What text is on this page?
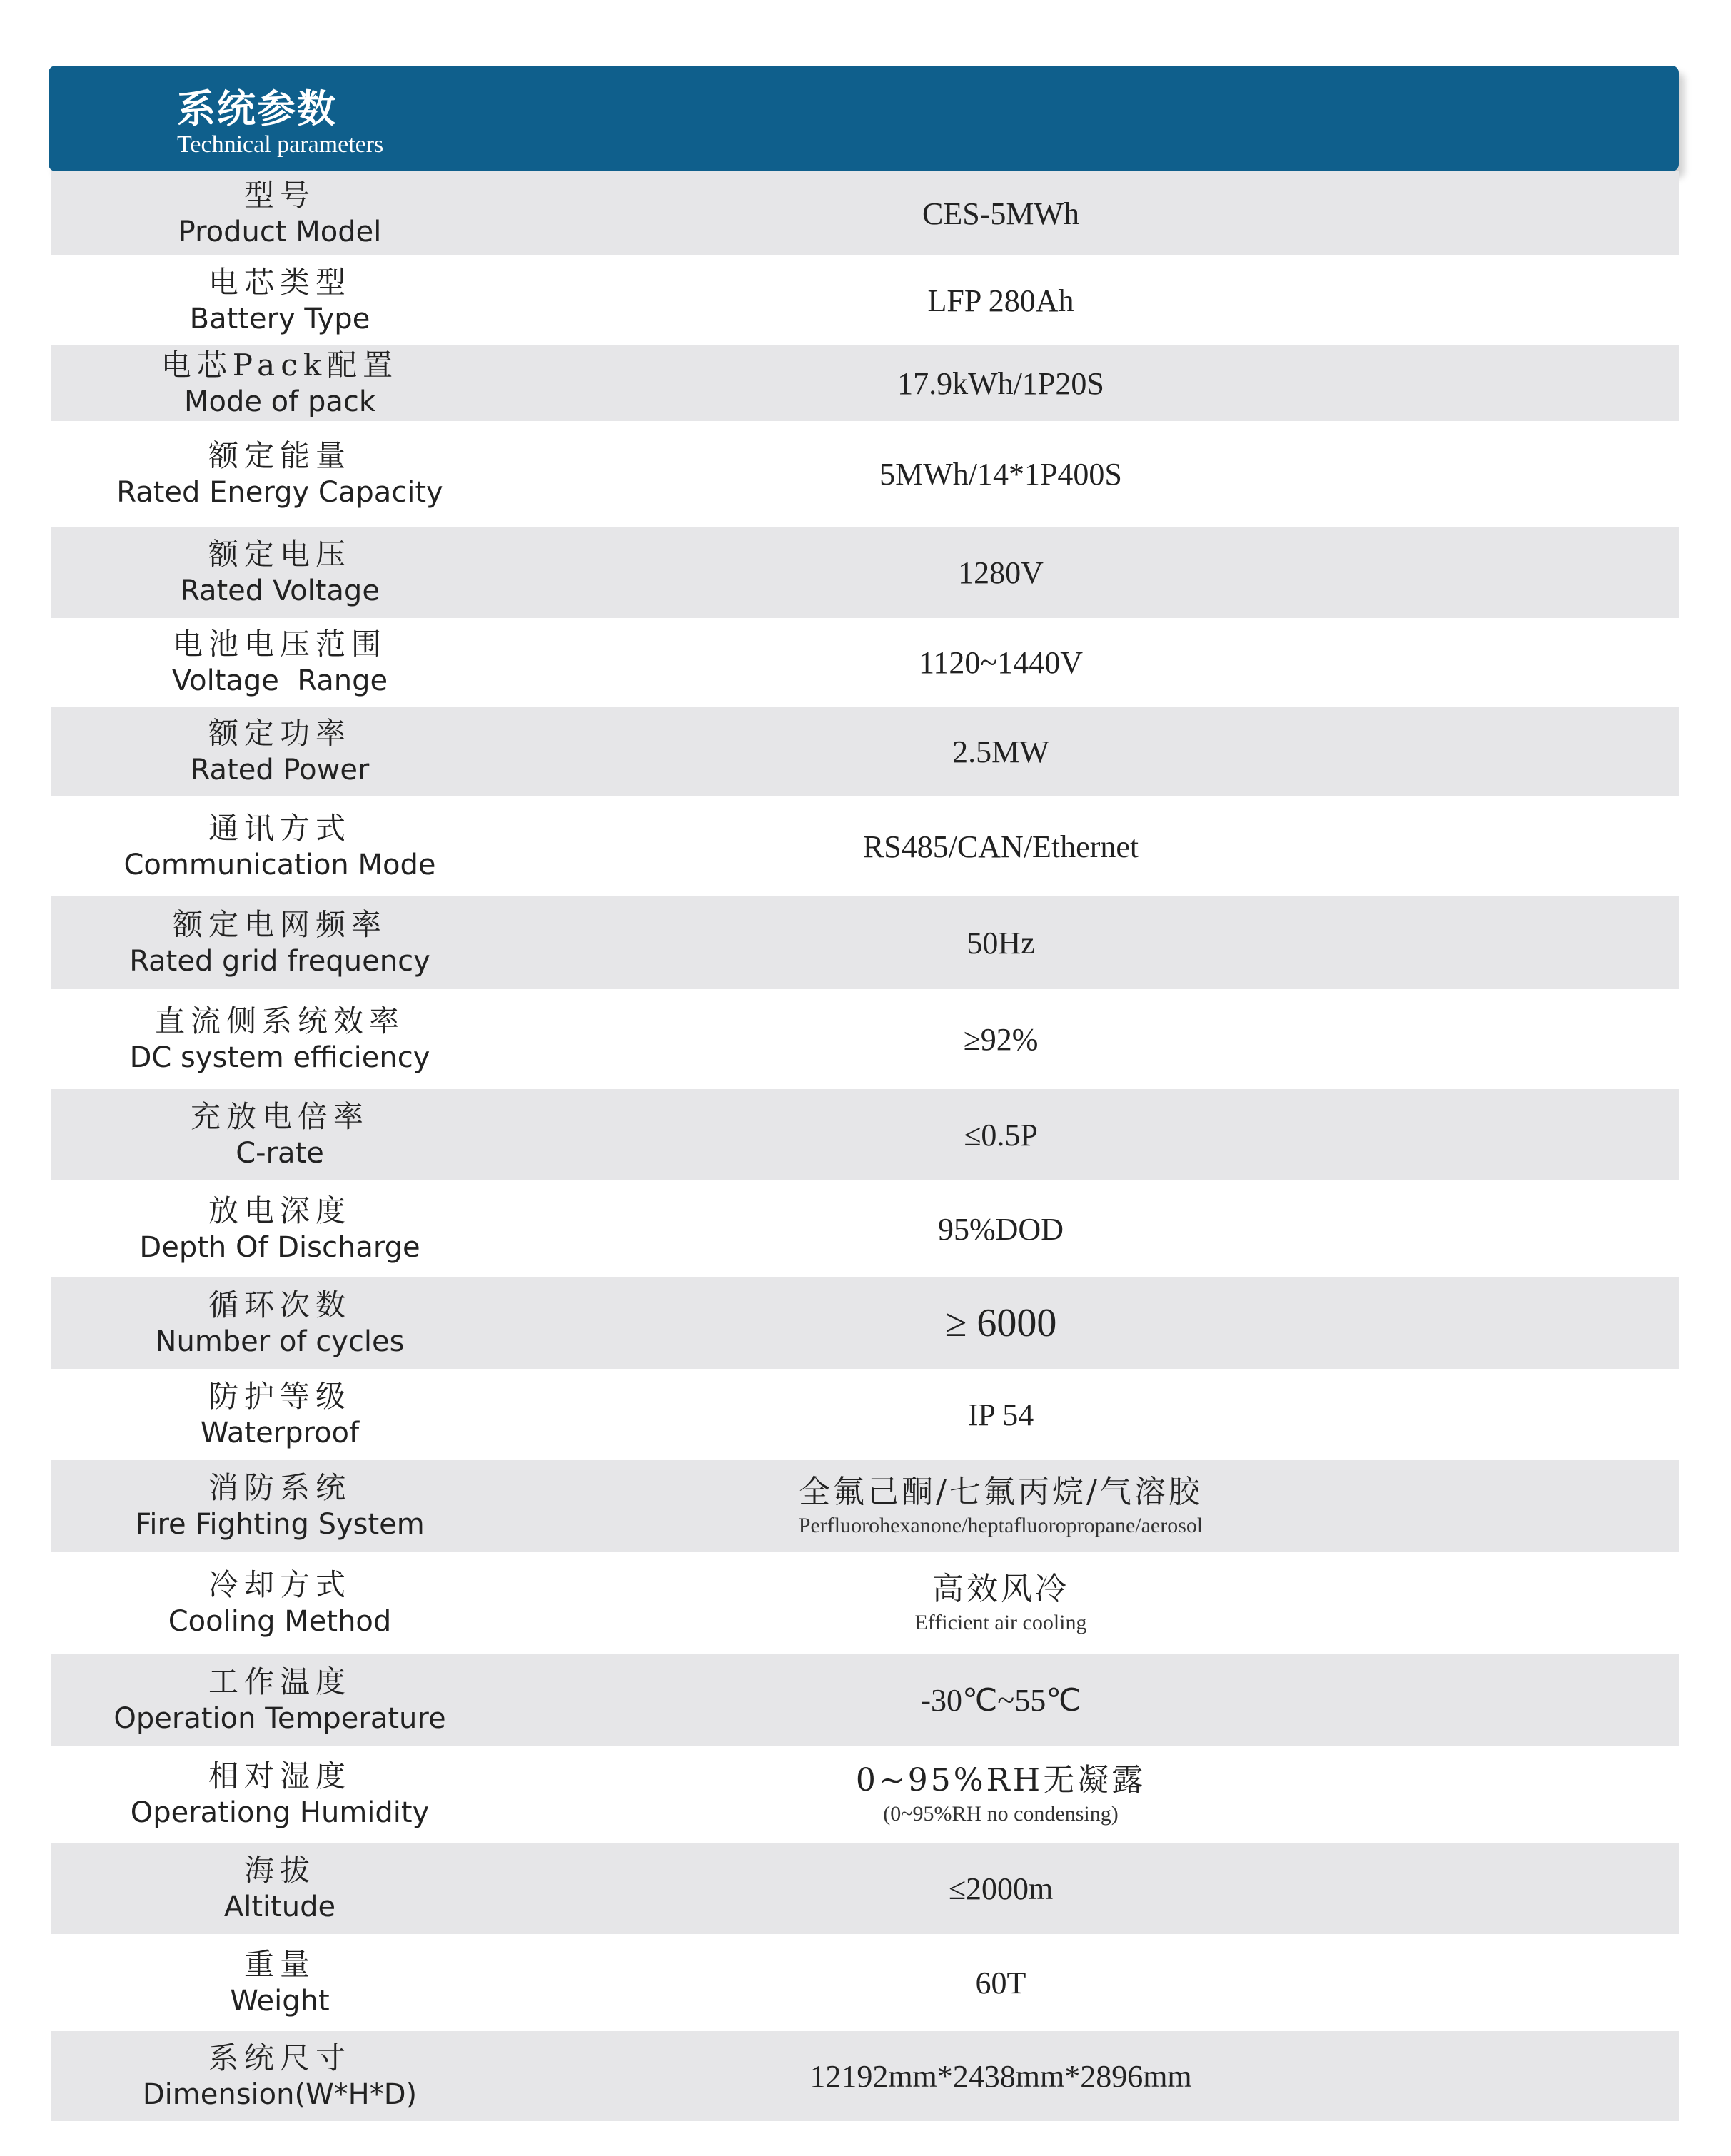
系统参数
Technical parameters
型号
Product Model
CES-5MWh
电芯类型
Battery Type
LFP 280Ah
电芯Pack配置
Mode of pack
17.9kWh/1P20S
额定能量
Rated Energy Capacity
5MWh/14*1P400S
额定电压
Rated Voltage
1280V
电池电压范围
Voltage  Range
1120~1440V
额定功率
Rated Power
2.5MW
通讯方式
Communication Mode
RS485/CAN/Ethernet
额定电网频率
Rated grid frequency
50Hz
直流侧系统效率
DC system efficiency
≥92%
充放电倍率
C-rate
≤0.5P
放电深度
Depth Of Discharge
95%DOD
循环次数
Number of cycles	≥ 6000
防护等级
Waterproof
IP 54
消防系统
Fire Fighting System
全氟己酮/七氟丙烷/气溶胶
Perfluorohexanone/heptafluoropropane/aerosol
冷却方式
Cooling Method
高效风冷
Efficient air cooling
工作温度
Operation Temperature
-30℃~55℃
相对湿度
Operationg Humidity
0~95%RH无凝露
(0~95%RH no condensing)
海拔
Altitude
≤2000m
重量
Weight
60T
系统尺寸
Dimension(W*H*D)
12192mm*2438mm*2896mm
